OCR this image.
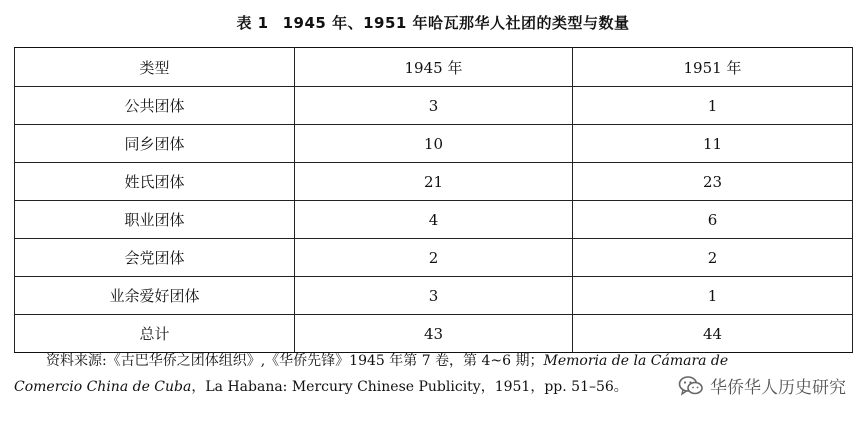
表 1 1945 年、1951 年哈瓦那华人社团的类型与数量
类型	1945 年	1951 年
公共团体	3	1
同乡团体	10	11
姓氏团体	21	23
职业团体	4	6
会党团体	2	2
业余爱好团体	3	1
总计	43	44
资料来源:《古巴华侨之团体组织》,《华侨先锋》1945 年第 7 卷，第 4~6 期；Memoria de la Cámara de
Comercio China de Cuba，La Habana: Mercury Chinese Publicity，1951，pp. 51–56。	华侨华人历史研究
